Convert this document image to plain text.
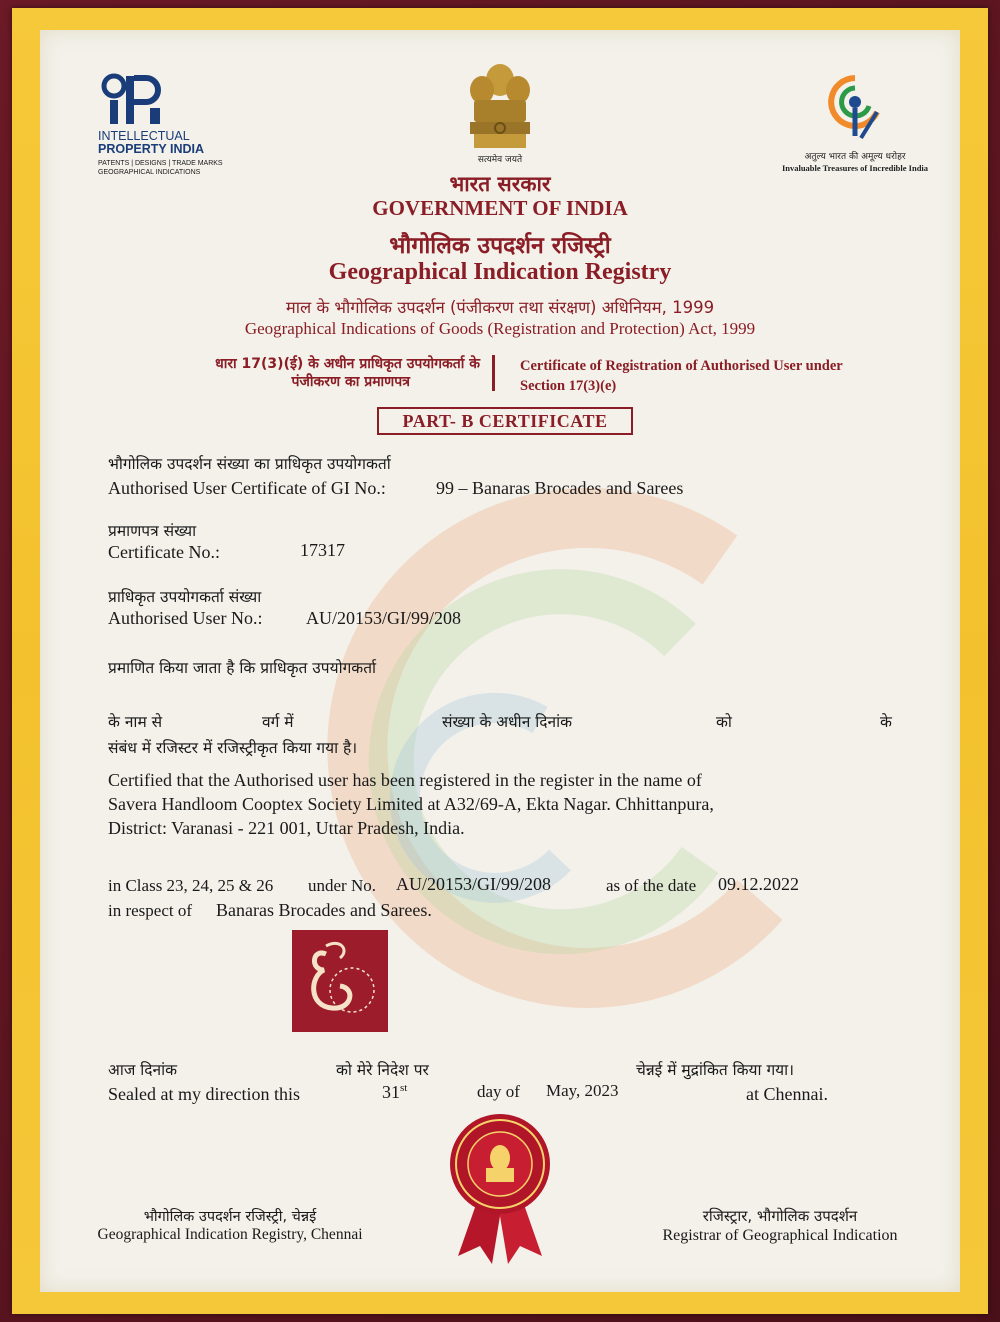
INTELLECTUAL
PROPERTY INDIA
PATENTS | DESIGNS | TRADE MARKS
GEOGRAPHICAL INDICATIONS
सत्यमेव जयते	अतुल्य भारत की अमूल्य धरोहर
Invaluable Treasures of Incredible India
भारत सरकार
GOVERNMENT OF INDIA
भौगोलिक उपदर्शन रजिस्ट्री
Geographical Indication Registry
माल के भौगोलिक उपदर्शन (पंजीकरण तथा संरक्षण) अधिनियम, 1999
Geographical Indications of Goods (Registration and Protection) Act, 1999
धारा 17(3)(ई) के अधीन प्राधिकृत उपयोगकर्ता के
पंजीकरण का प्रमाणपत्र
Certificate of Registration of Authorised User under
Section 17(3)(e)
PART- B CERTIFICATE
भौगोलिक उपदर्शन संख्या का प्राधिकृत उपयोगकर्ता
Authorised User Certificate of GI No.:	99 – Banaras Brocades and Sarees
प्रमाणपत्र संख्या
Certificate No.:	17317
प्राधिकृत उपयोगकर्ता संख्या
Authorised User No.: AU/20153/GI/99/208
प्रमाणित किया जाता है कि प्राधिकृत उपयोगकर्ता
के नाम से	वर्ग में	संख्या के अधीन दिनांक	को	के
संबंध में रजिस्टर में रजिस्ट्रीकृत किया गया है।
Certified that the Authorised user has been registered in the register in the name of
Savera Handloom Cooptex Society Limited at A32/69-A, Ekta Nagar. Chhittanpura,
District: Varanasi - 221 001, Uttar Pradesh, India.
in Class 23, 24, 25 & 26 under No. AU/20153/GI/99/208	as of the date 09.12.2022
in respect of Banaras Brocades and Sarees.
आज दिनांक	को मेरे निदेश पर	चेन्नई में मुद्रांकित किया गया।
Sealed at my direction this	31st	day of May, 2023	at Chennai.
भौगोलिक उपदर्शन रजिस्ट्री, चेन्नई
Geographical Indication Registry, Chennai
रजिस्ट्रार, भौगोलिक उपदर्शन
Registrar of Geographical Indication
